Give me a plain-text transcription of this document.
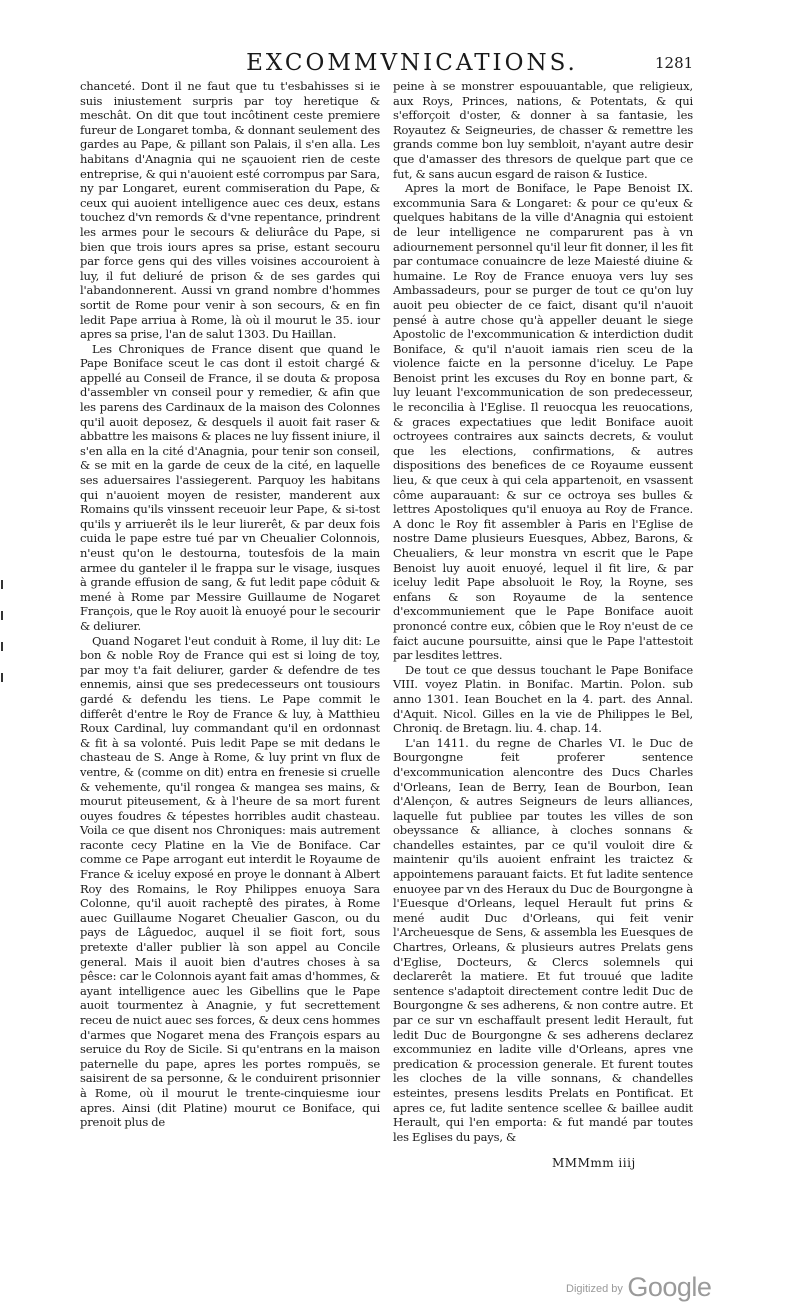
EXCOMMVNICATIONS.	1281

chanceté. Dont il ne faut que tu t'esbahisses si ie suis iniustement surpris par toy heretique & meschât. On dit que tout incôtinent ceste premiere fureur de Longaret tomba, & donnant seulement des gardes au Pape, & pillant son Palais, il s'en alla. Les habitans d'Anagnia qui ne sçauoient rien de ceste entreprise, & qui n'auoient esté corrompus par Sara, ny par Longaret, eurent commiseration du Pape, & ceux qui auoient intelligence auec ces deux, estans touchez d'vn remords & d'vne repentance, prindrent les armes pour le secours & deliurâce du Pape, si bien que trois iours apres sa prise, estant secouru par force gens qui des villes voisines accouroient à luy, il fut deliuré de prison & de ses gardes qui l'abandonnerent. Aussi vn grand nombre d'hommes sortit de Rome pour venir à son secours, & en fin ledit Pape arriua à Rome, là où il mourut le 35. iour apres sa prise, l'an de salut 1303. Du Haillan.

Les Chroniques de France disent que quand le Pape Boniface sceut le cas dont il estoit chargé & appellé au Conseil de France, il se douta & proposa d'assembler vn conseil pour y remedier, & afin que les parens des Cardinaux de la maison des Colonnes qu'il auoit deposez, & desquels il auoit fait raser & abbattre les maisons & places ne luy fissent iniure, il s'en alla en la cité d'Anagnia, pour tenir son conseil, & se mit en la garde de ceux de la cité, en laquelle ses aduersaires l'assiegerent. Parquoy les habitans qui n'auoient moyen de resister, manderent aux Romains qu'ils vinssent receuoir leur Pape, & si-tost qu'ils y arriuerêt ils le leur liurerêt, & par deux fois cuida le pape estre tué par vn Cheualier Colonnois, n'eust qu'on le destourna, toutesfois de la main armee du ganteler il le frappa sur le visage, iusques à grande effusion de sang, & fut ledit pape côduit & mené à Rome par Messire Guillaume de Nogaret François, que le Roy auoit là enuoyé pour le secourir & deliurer.

Quand Nogaret l'eut conduit à Rome, il luy dit: Le bon & noble Roy de France qui est si loing de toy, par moy t'a fait deliurer, garder & defendre de tes ennemis, ainsi que ses predecesseurs ont tousiours gardé & defendu les tiens. Le Pape commit le differêt d'entre le Roy de France & luy, à Matthieu Roux Cardinal, luy commandant qu'il en ordonnast & fit à sa volonté. Puis ledit Pape se mit dedans le chasteau de S. Ange à Rome, & luy print vn flux de ventre, & (comme on dit) entra en frenesie si cruelle & vehemente, qu'il rongea & mangea ses mains, & mourut piteusement, & à l'heure de sa mort furent ouyes foudres & tépestes horribles audit chasteau. Voila ce que disent nos Chroniques: mais autrement raconte cecy Platine en la Vie de Boniface. Car comme ce Pape arrogant eut interdit le Royaume de France & iceluy exposé en proye le donnant à Albert Roy des Romains, le Roy Philippes enuoya Sara Colonne, qu'il auoit racheptê des pirates, à Rome auec Guillaume Nogaret Cheualier Gascon, ou du pays de Lâguedoc, auquel il se fioit fort, sous pretexte d'aller publier là son appel au Concile general. Mais il auoit bien d'autres choses à sa pêsce: car le Colonnois ayant fait amas d'hommes, & ayant intelligence auec les Gibellins que le Pape auoit tourmentez à Anagnie, y fut secrettement receu de nuict auec ses forces, & deux cens hommes d'armes que Nogaret mena des François espars au seruice du Roy de Sicile. Si qu'entrans en la maison paternelle du pape, apres les portes rompuës, se saisirent de sa personne, & le conduirent prisonnier à Rome, où il mourut le trente-cinquiesme iour apres. Ainsi (dit Platine) mourut ce Boniface, qui prenoit plus de

peine à se monstrer espouuantable, que religieux, aux Roys, Princes, nations, & Potentats, & qui s'efforçoit d'oster, & donner à sa fantasie, les Royautez & Seigneuries, de chasser & remettre les grands comme bon luy sembloit, n'ayant autre desir que d'amasser des thresors de quelque part que ce fut, & sans aucun esgard de raison & Iustice.

Apres la mort de Boniface, le Pape Benoist IX. excommunia Sara & Longaret: & pour ce qu'eux & quelques habitans de la ville d'Anagnia qui estoient de leur intelligence ne comparurent pas à vn adiournement personnel qu'il leur fit donner, il les fit par contumace conuaincre de leze Maiesté diuine & humaine. Le Roy de France enuoya vers luy ses Ambassadeurs, pour se purger de tout ce qu'on luy auoit peu obiecter de ce faict, disant qu'il n'auoit pensé à autre chose qu'à appeller deuant le siege Apostolic de l'excommunication & interdiction dudit Boniface, & qu'il n'auoit iamais rien sceu de la violence faicte en la personne d'iceluy. Le Pape Benoist print les excuses du Roy en bonne part, & luy leuant l'excommunication de son predecesseur, le reconcilia à l'Eglise. Il reuocqua les reuocations, & graces expectatiues que ledit Boniface auoit octroyees contraires aux saincts decrets, & voulut que les elections, confirmations, & autres dispositions des benefices de ce Royaume eussent lieu, & que ceux à qui cela appartenoit, en vsassent côme auparauant: & sur ce octroya ses bulles & lettres Apostoliques qu'il enuoya au Roy de France. A donc le Roy fit assembler à Paris en l'Eglise de nostre Dame plusieurs Euesques, Abbez, Barons, & Cheualiers, & leur monstra vn escrit que le Pape Benoist luy auoit enuoyé, lequel il fit lire, & par iceluy ledit Pape absoluoit le Roy, la Royne, ses enfans & son Royaume de la sentence d'excommuniement que le Pape Boniface auoit prononcé contre eux, côbien que le Roy n'eust de ce faict aucune poursuitte, ainsi que le Pape l'attestoit par lesdites lettres.

De tout ce que dessus touchant le Pape Boniface VIII. voyez Platin. in Bonifac. Martin. Polon. sub anno 1301. Iean Bouchet en la 4. part. des Annal. d'Aquit. Nicol. Gilles en la vie de Philippes le Bel, Chroniq. de Bretagn. liu. 4. chap. 14.

L'an 1411. du regne de Charles VI. le Duc de Bourgongne feit proferer sentence d'excommunication alencontre des Ducs Charles d'Orleans, Iean de Berry, Iean de Bourbon, Iean d'Alençon, & autres Seigneurs de leurs alliances, laquelle fut publiee par toutes les villes de son obeyssance & alliance, à cloches sonnans & chandelles estaintes, par ce qu'il vouloit dire & maintenir qu'ils auoient enfraint les traictez & appointemens parauant faicts. Et fut ladite sentence enuoyee par vn des Heraux du Duc de Bourgongne à l'Euesque d'Orleans, lequel Herault fut prins & mené audit Duc d'Orleans, qui feit venir l'Archeuesque de Sens, & assembla les Euesques de Chartres, Orleans, & plusieurs autres Prelats gens d'Eglise, Docteurs, & Clercs solemnels qui declarerêt la matiere. Et fut trouué que ladite sentence s'adaptoit directement contre ledit Duc de Bourgongne & ses adherens, & non contre autre. Et par ce sur vn eschaffault present ledit Herault, fut ledit Duc de Bourgongne & ses adherens declarez excommuniez en ladite ville d'Orleans, apres vne predication & procession generale. Et furent toutes les cloches de la ville sonnans, & chandelles esteintes, presens lesdits Prelats en Pontificat. Et apres ce, fut ladite sentence scellee & baillee audit Herault, qui l'en emporta: & fut mandé par toutes les Eglises du pays, &

MMMmm iiij
$^{Digitized by}$ Google
